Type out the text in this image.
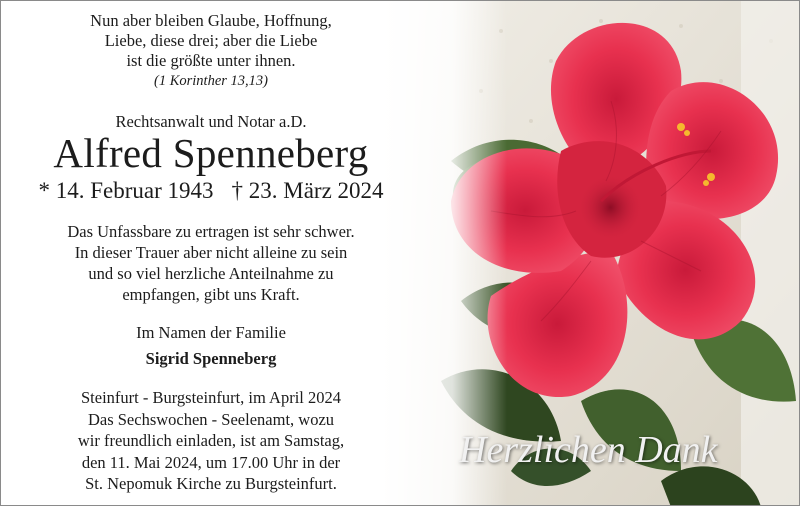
Nun aber bleiben Glaube, Hoffnung,
Liebe, diese drei; aber die Liebe
ist die größte unter ihnen.
(1 Korinther 13,13)
Rechtsanwalt und Notar a.D.
Alfred Spenneberg
* 14. Februar 1943 † 23. März 2024
Das Unfassbare zu ertragen ist sehr schwer.
In dieser Trauer aber nicht alleine zu sein
und so viel herzliche Anteilnahme zu
empfangen, gibt uns Kraft.
Im Namen der Familie
Sigrid Spenneberg
Steinfurt - Burgsteinfurt, im April 2024
Das Sechswochen - Seelenamt, wozu
wir freundlich einladen, ist am Samstag,
den 11. Mai 2024, um 17.00 Uhr in der
St. Nepomuk Kirche zu Burgsteinfurt.
Herzlichen Dank
